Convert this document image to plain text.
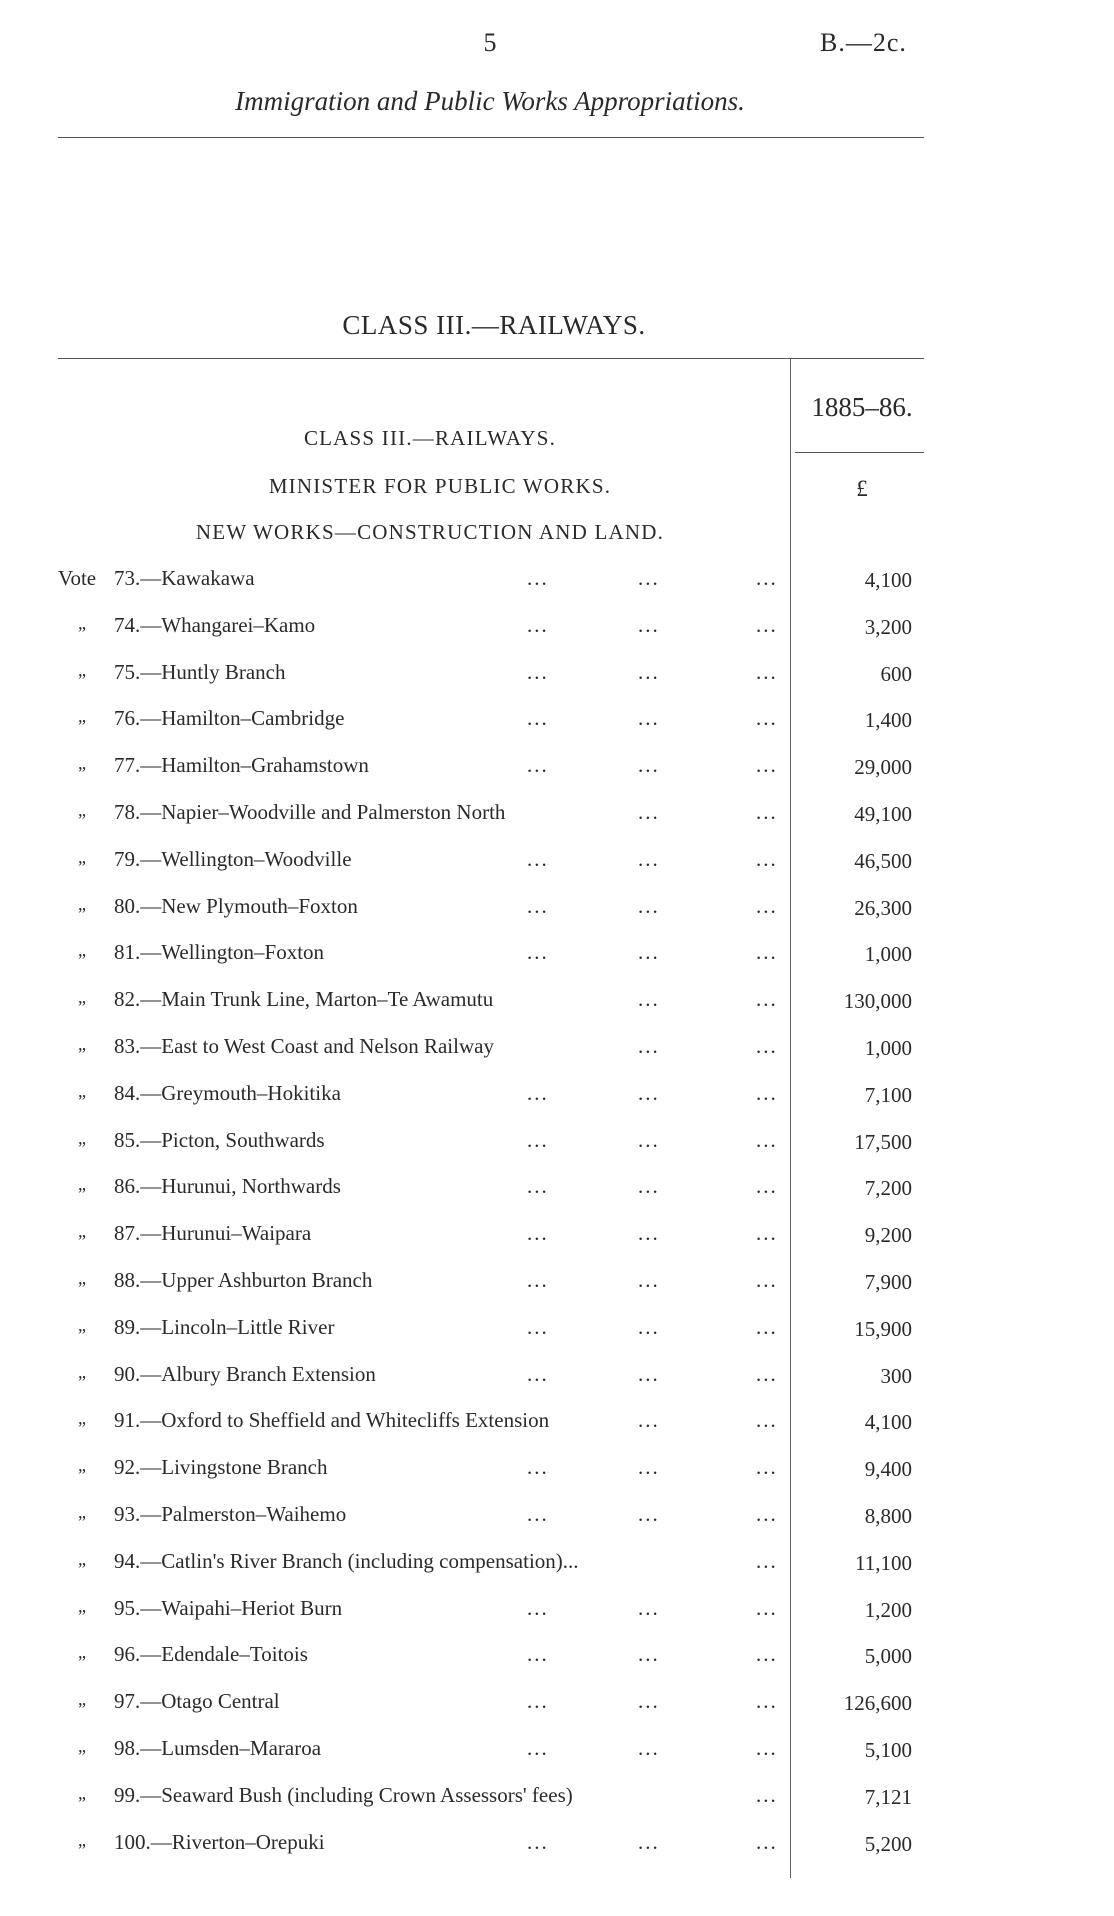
5	B.—2c.
Immigration and Public Works Appropriations.
CLASS III.—RAILWAYS.
1885–86.
£
CLASS III.—RAILWAYS.
MINISTER FOR PUBLIC WORKS.
NEW WORKS—CONSTRUCTION AND LAND.
Vote 73.—Kawakawa	...	...	...	4,100
„	74.—Whangarei–Kamo	...	...	...	3,200
„	75.—Huntly Branch	...	...	...	600
„	76.—Hamilton–Cambridge	...	...	...	1,400
„	77.—Hamilton–Grahamstown	...	...	...	29,000
„	78.—Napier–Woodville and Palmerston North	...	...	49,100
„	79.—Wellington–Woodville	...	...	...	46,500
„	80.—New Plymouth–Foxton	...	...	...	26,300
„	81.—Wellington–Foxton	...	...	...	1,000
„	82.—Main Trunk Line, Marton–Te Awamutu	...	...	130,000
„	83.—East to West Coast and Nelson Railway	...	...	1,000
„	84.—Greymouth–Hokitika	...	...	...	7,100
„	85.—Picton, Southwards	...	...	...	17,500
„	86.—Hurunui, Northwards	...	...	...	7,200
„	87.—Hurunui–Waipara	...	...	...	9,200
„	88.—Upper Ashburton Branch	...	...	...	7,900
„	89.—Lincoln–Little River	...	...	...	15,900
„	90.—Albury Branch Extension	...	...	...	300
„	91.—Oxford to Sheffield and Whitecliffs Extension	...	...	4,100
„	92.—Livingstone Branch	...	...	...	9,400
„	93.—Palmerston–Waihemo	...	...	...	8,800
„	94.—Catlin's River Branch (including compensation)...	...	11,100
„	95.—Waipahi–Heriot Burn	...	...	...	1,200
„	96.—Edendale–Toitois	...	...	...	5,000
„	97.—Otago Central	...	...	...	126,600
„	98.—Lumsden–Mararoa	...	...	...	5,100
„	99.—Seaward Bush (including Crown Assessors' fees)	...	7,121
„	100.—Riverton–Orepuki	...	...	...	5,200
